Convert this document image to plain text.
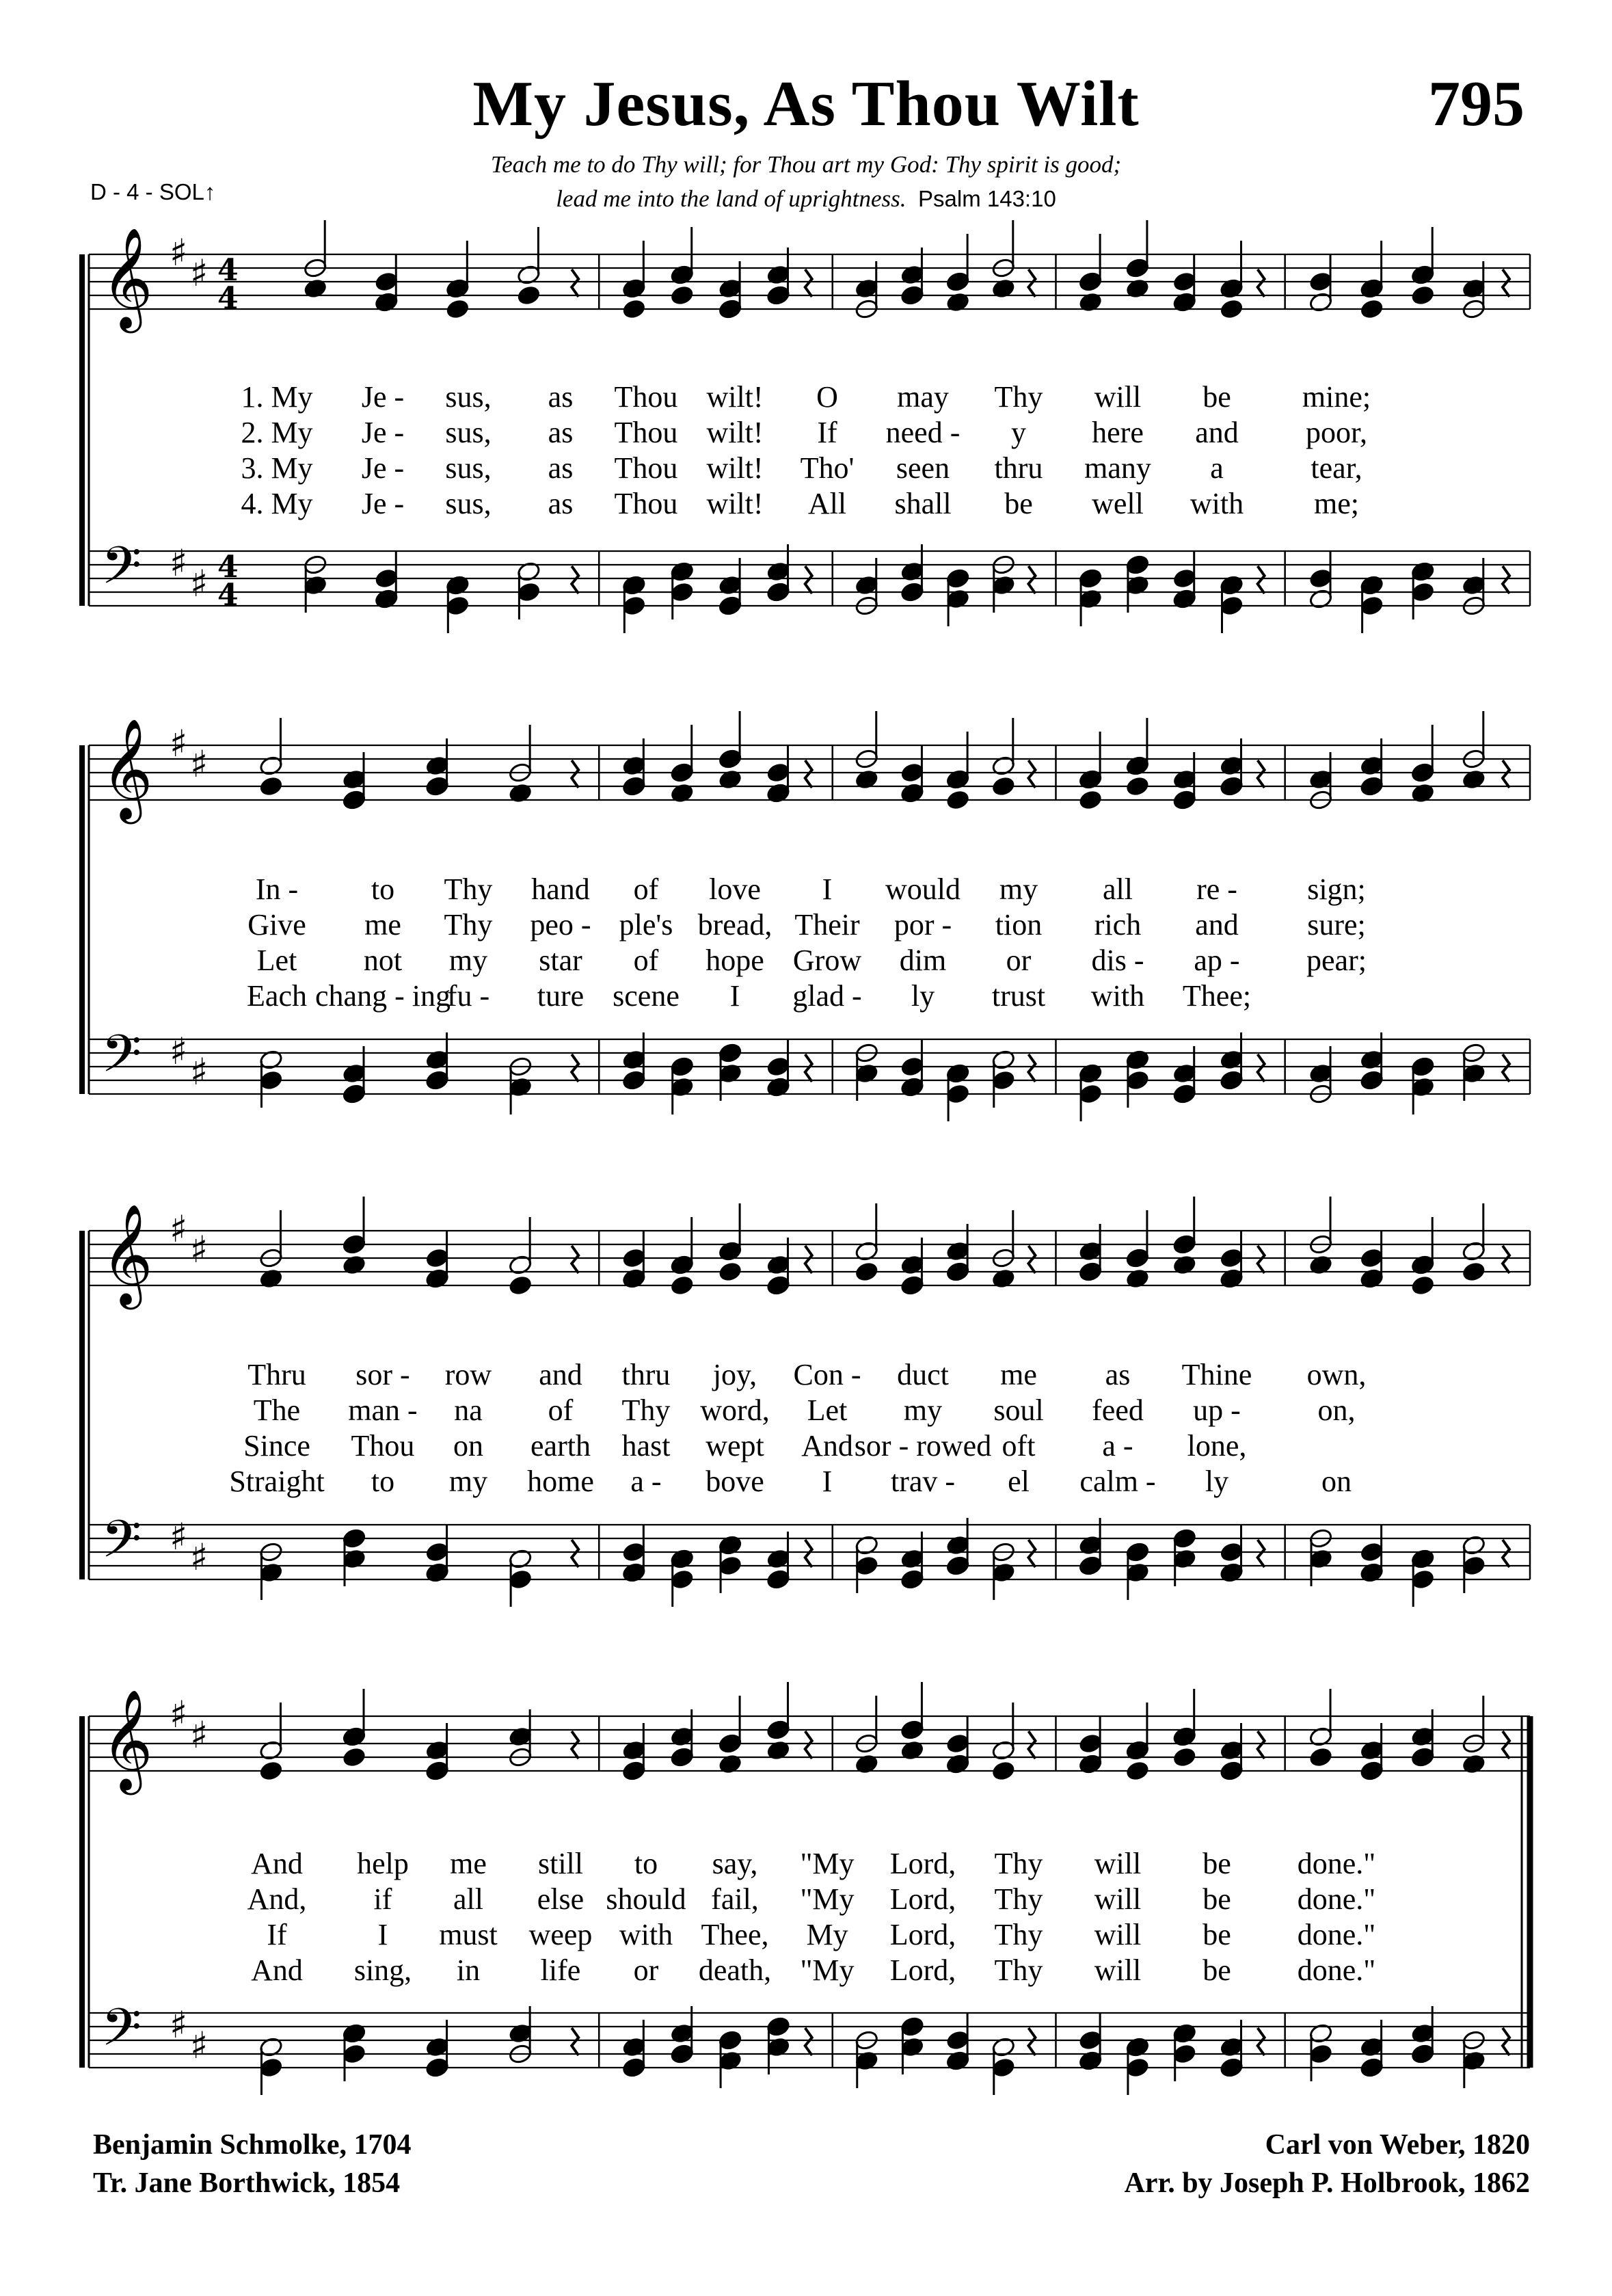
My Jesus, As Thou Wilt	795
Teach me to do Thy will; for Thou art my God: Thy spirit is good;
lead me into the land of uprightness. Psalm 143:10
D - 4 - SOL↑
𝄞 ♯ ♯ 4
4
𝄢 ♯ ♯ 4
4
𝄞 ♯ ♯
𝄢 ♯ ♯
𝄞 ♯ ♯
𝄢 ♯ ♯
𝄞 ♯ ♯
𝄢 ♯ ♯
1. My Je - sus, as Thou wilt! O may Thy will be mine;
2. My Je - sus, as Thou wilt! If need - y here and poor,
3. My Je - sus, as Thou wilt! Tho' seen thru many a	tear,
4. My Je - sus, as Thou wilt! All shall be well with me;
In - to Thy hand of love I would my all re - sign;
Give me Thy peo - ple's bread, Their por - tion rich and sure;
Let not my star of hope Grow dim or dis - ap - pear;
Each chang - ing
fu - ture scene I glad - ly trust with Thee;
Thru sor - row and thru joy, Con - duct me as Thine own,
The man - na of Thy word, Let my soul feed up -	on,
Since Thou on earth hast wept And sor - rowed oft a - lone,
Straight to my home a - bove I trav - el calm - ly	on
And help me still to say, "My Lord, Thy will be done."
And, if all else should fail, "My Lord, Thy will be done."
If	I must weep with Thee, My Lord, Thy will be done."
And sing, in life or death, "My Lord, Thy will be done."
Benjamin Schmolke, 1704
Tr. Jane Borthwick, 1854
Carl von Weber, 1820
Arr. by Joseph P. Holbrook, 1862
